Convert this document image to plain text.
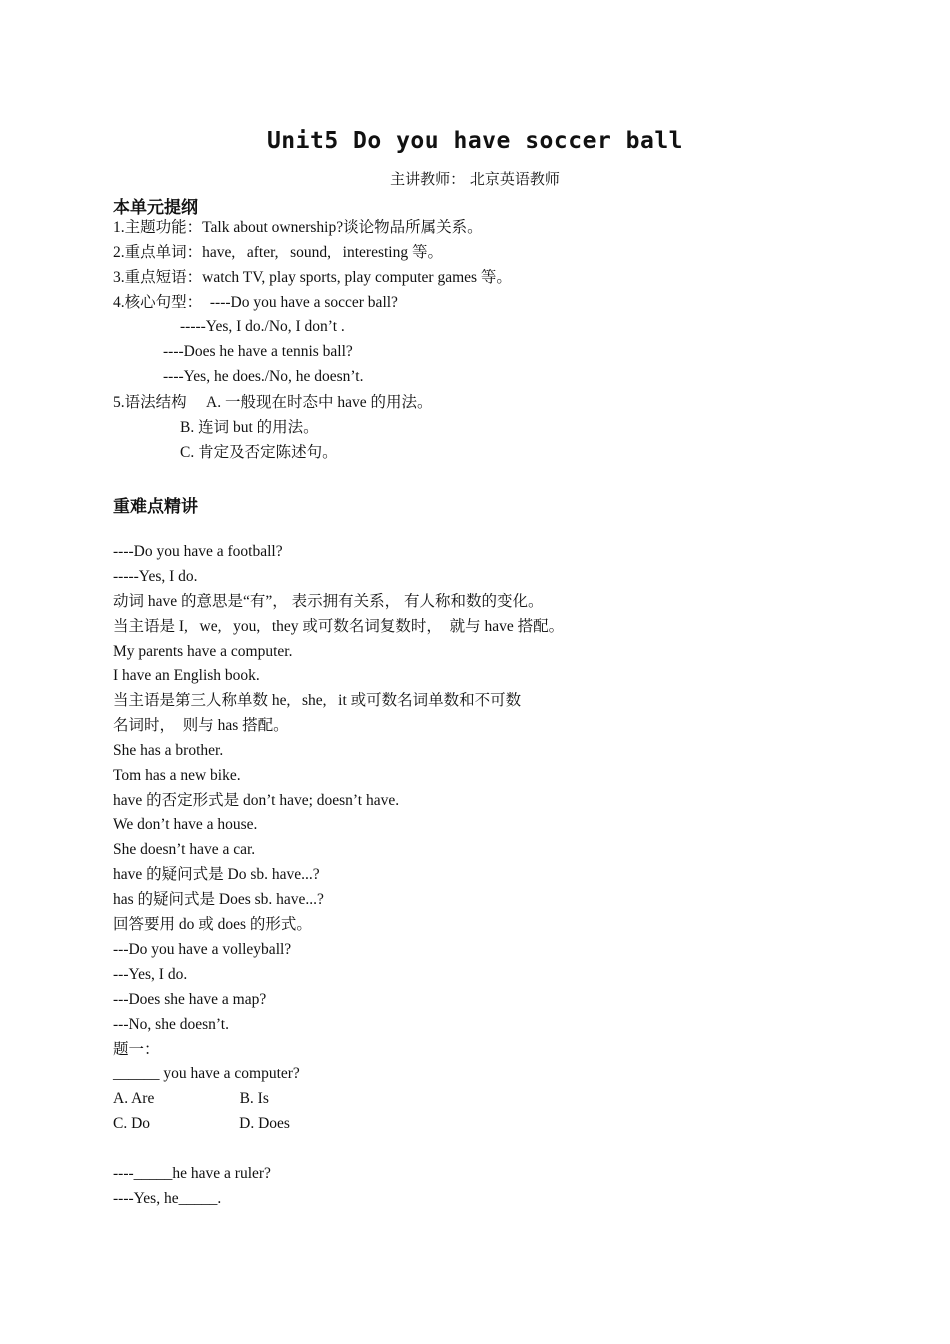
Unit5 Do you have soccer ball
主讲教师： 北京英语教师
本单元提纲
1.主题功能：Talk about ownership?谈论物品所属关系。
2.重点单词：have,   after,   sound,   interesting 等。
3.重点短语：watch TV, play sports, play computer games 等。
4.核心句型：  ----Do you have a soccer ball?
-----Yes, I do./No, I don’t .
----Does he have a tennis ball?
----Yes, he does./No, he doesn’t.
5.语法结构     A. 一般现在时态中 have 的用法。
B. 连词 but 的用法。
C. 肯定及否定陈述句。
重难点精讲
----Do you have a football?
-----Yes, I do.
动词 have 的意思是“有”， 表示拥有关系， 有人称和数的变化。
当主语是 I,   we,   you,   they 或可数名词复数时，  就与 have 搭配。
My parents have a computer.
I have an English book.
当主语是第三人称单数 he,   she,   it 或可数名词单数和不可数
名词时，  则与 has 搭配。
She has a brother.
Tom has a new bike.
have 的否定形式是 don’t have; doesn’t have.
We don’t have a house.
She doesn’t have a car.
have 的疑问式是 Do sb. have...?
has 的疑问式是 Does sb. have...?
回答要用 do 或 does 的形式。
---Do you have a volleyball?
---Yes, I do.
---Does she have a map?
---No, she doesn’t.
题一：
______ you have a computer?
A. Are                      B. Is
C. Do                       D. Does
----_____he have a ruler?
----Yes, he_____.
